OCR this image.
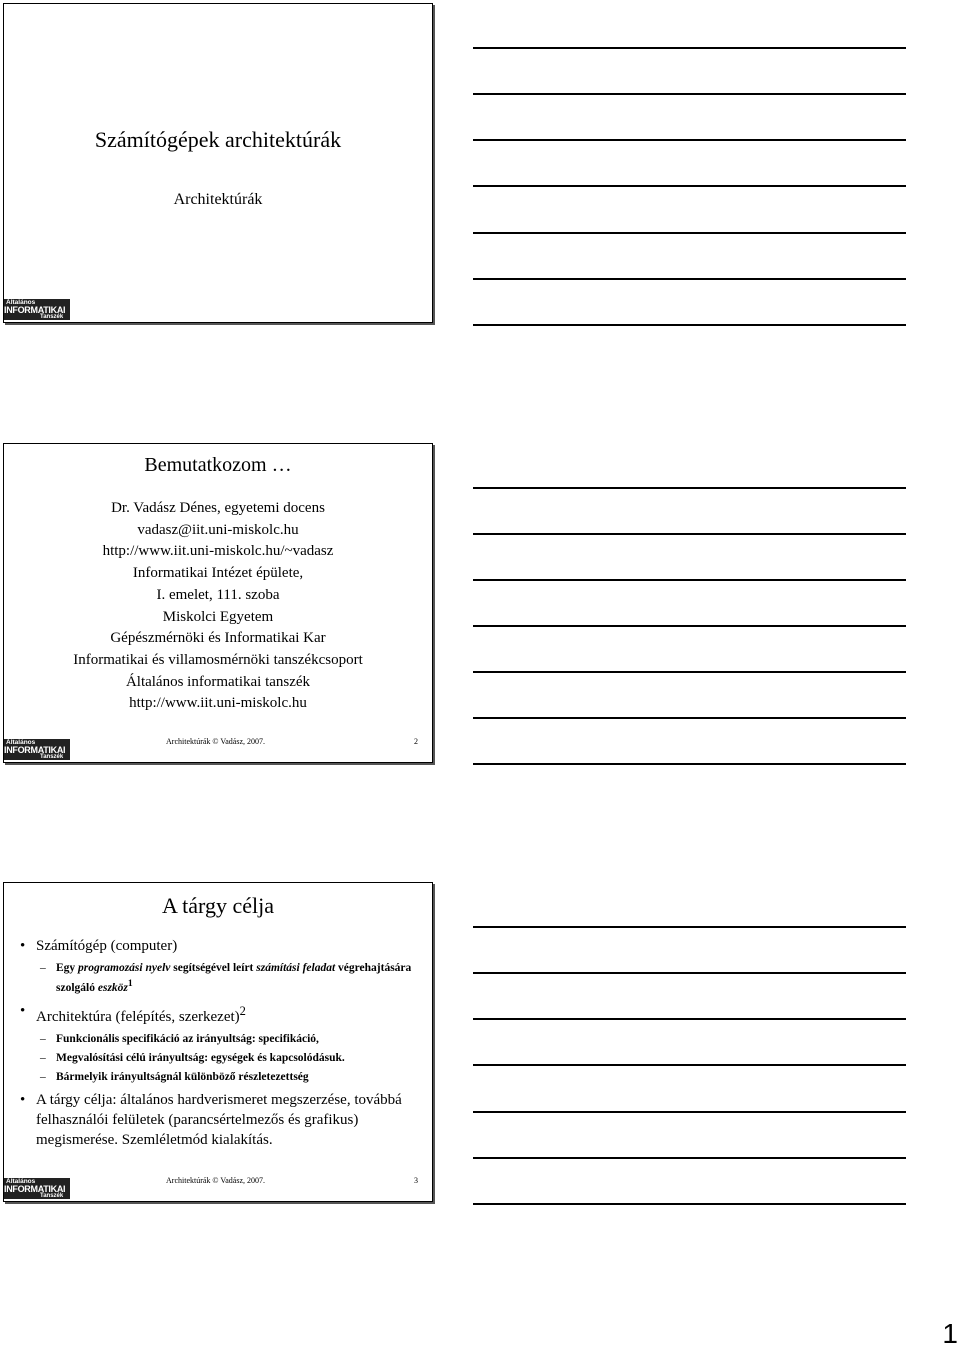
Számítógépek architektúrák
Architektúrák
Általános
INFORMATIKAI
Tanszék
Bemutatkozom …
Dr. Vadász Dénes, egyetemi docens
vadasz@iit.uni-miskolc.hu
http://www.iit.uni-miskolc.hu/~vadasz
Informatikai Intézet épülete,
I. emelet, 111. szoba
Miskolci Egyetem
Gépészmérnöki és Informatikai Kar
Informatikai és villamosmérnöki tanszékcsoport
Általános informatikai tanszék
http://www.iit.uni-miskolc.hu
Architektúrák © Vadász, 2007.	2
Általános
INFORMATIKAI
Tanszék
A tárgy célja
• Számítógép (computer)
– Egy programozási nyelv segítségével leírt számítási feladat végrehajtására szolgáló eszköz$^1$
• Architektúra (felépítés, szerkezet)$^2$
– Funkcionális specifikáció az irányultság: specifikáció,
– Megvalósítási célú irányultság: egységek és kapcsolódásuk.
– Bármelyik irányultságnál különböző részletezettség
• A tárgy célja: általános hardverismeret megszerzése, továbbá felhasználói felületek (parancsértelmezős és grafikus) megismerése. Szemléletmód kialakítás.
Architektúrák © Vadász, 2007.	3
Általános
INFORMATIKAI
Tanszék
1
